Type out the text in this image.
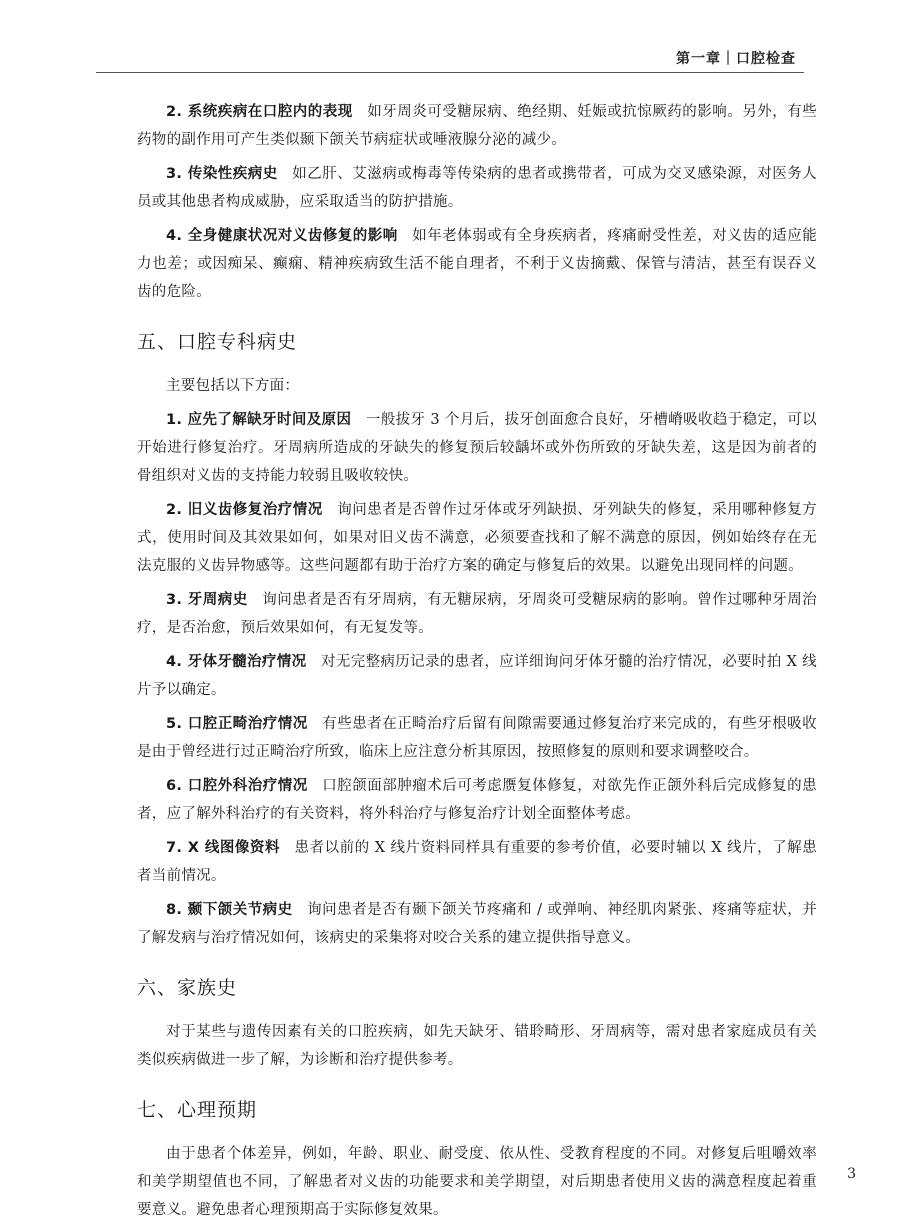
第一章｜口腔检查

2. 系统疾病在口腔内的表现 如牙周炎可受糖尿病、绝经期、妊娠或抗惊厥药的影响。另外，有些药物的副作用可产生类似颞下颌关节病症状或唾液腺分泌的减少。

3. 传染性疾病史 如乙肝、艾滋病或梅毒等传染病的患者或携带者，可成为交叉感染源，对医务人员或其他患者构成威胁，应采取适当的防护措施。

4. 全身健康状况对义齿修复的影响 如年老体弱或有全身疾病者，疼痛耐受性差，对义齿的适应能力也差；或因痴呆、癫痫、精神疾病致生活不能自理者，不利于义齿摘戴、保管与清洁，甚至有误吞义齿的危险。

五、口腔专科病史

主要包括以下方面：

1. 应先了解缺牙时间及原因 一般拔牙 3 个月后，拔牙创面愈合良好，牙槽嵴吸收趋于稳定，可以开始进行修复治疗。牙周病所造成的牙缺失的修复预后较龋坏或外伤所致的牙缺失差，这是因为前者的骨组织对义齿的支持能力较弱且吸收较快。

2. 旧义齿修复治疗情况 询问患者是否曾作过牙体或牙列缺损、牙列缺失的修复，采用哪种修复方式，使用时间及其效果如何，如果对旧义齿不满意，必须要查找和了解不满意的原因，例如始终存在无法克服的义齿异物感等。这些问题都有助于治疗方案的确定与修复后的效果。以避免出现同样的问题。

3. 牙周病史 询问患者是否有牙周病，有无糖尿病，牙周炎可受糖尿病的影响。曾作过哪种牙周治疗，是否治愈，预后效果如何，有无复发等。

4. 牙体牙髓治疗情况 对无完整病历记录的患者，应详细询问牙体牙髓的治疗情况，必要时拍 X 线片予以确定。

5. 口腔正畸治疗情况 有些患者在正畸治疗后留有间隙需要通过修复治疗来完成的，有些牙根吸收是由于曾经进行过正畸治疗所致，临床上应注意分析其原因，按照修复的原则和要求调整咬合。

6. 口腔外科治疗情况 口腔颌面部肿瘤术后可考虑赝复体修复，对欲先作正颌外科后完成修复的患者，应了解外科治疗的有关资料，将外科治疗与修复治疗计划全面整体考虑。

7. X 线图像资料 患者以前的 X 线片资料同样具有重要的参考价值，必要时辅以 X 线片，了解患者当前情况。

8. 颞下颌关节病史 询问患者是否有颞下颌关节疼痛和 / 或弹响、神经肌肉紧张、疼痛等症状，并了解发病与治疗情况如何，该病史的采集将对咬合关系的建立提供指导意义。

六、家族史

对于某些与遗传因素有关的口腔疾病，如先天缺牙、错聆畸形、牙周病等，需对患者家庭成员有关类似疾病做进一步了解，为诊断和治疗提供参考。

七、心理预期

由于患者个体差异，例如，年龄、职业、耐受度、依从性、受教育程度的不同。对修复后咀嚼效率和美学期望值也不同，了解患者对义齿的功能要求和美学期望，对后期患者使用义齿的满意程度起着重要意义。避免患者心理预期高于实际修复效果。

3
